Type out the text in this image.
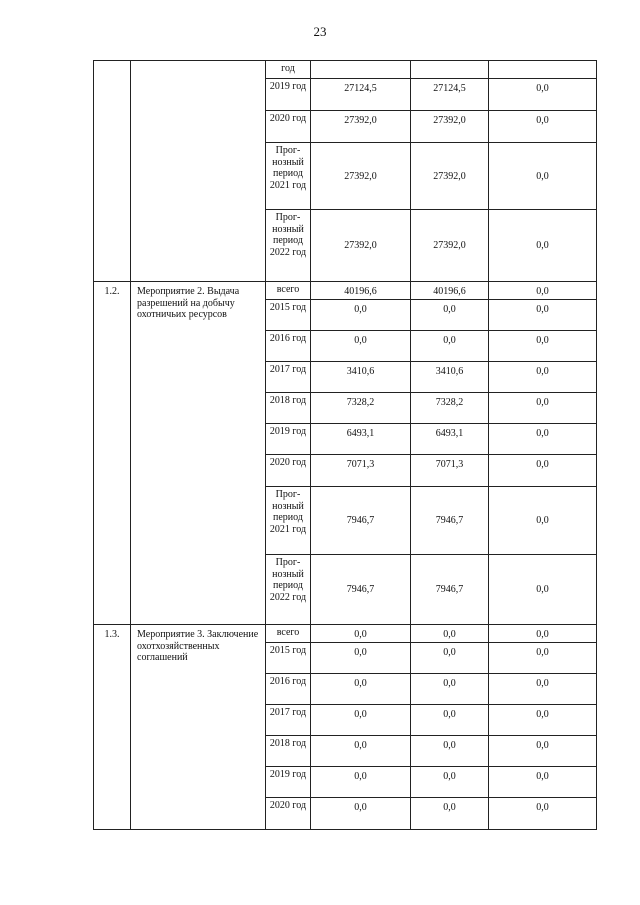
23

		год			

		2019 год	27124,5	27124,5	0,0

		2020 год	27392,0	27392,0	0,0

		Прог-нозный период 2021 год	27392,0	27392,0	0,0

		Прог-нозный период 2022 год	27392,0	27392,0	0,0

1.2.	Мероприятие 2. Выдача разрешений на добычу охотничьих ресурсов	всего	40196,6	40196,6	0,0

		2015 год	0,0	0,0	0,0

		2016 год	0,0	0,0	0,0

		2017 год	3410,6	3410,6	0,0

		2018 год	7328,2	7328,2	0,0

		2019 год	6493,1	6493,1	0,0

		2020 год	7071,3	7071,3	0,0

		Прог-нозный период 2021 год	7946,7	7946,7	0,0

		Прог-нозный период 2022 год	7946,7	7946,7	0,0

1.3.	Мероприятие 3. Заключение охотхозяйственных соглашений	всего	0,0	0,0	0,0

		2015 год	0,0	0,0	0,0

		2016 год	0,0	0,0	0,0

		2017 год	0,0	0,0	0,0

		2018 год	0,0	0,0	0,0

		2019 год	0,0	0,0	0,0

		2020 год	0,0	0,0	0,0
